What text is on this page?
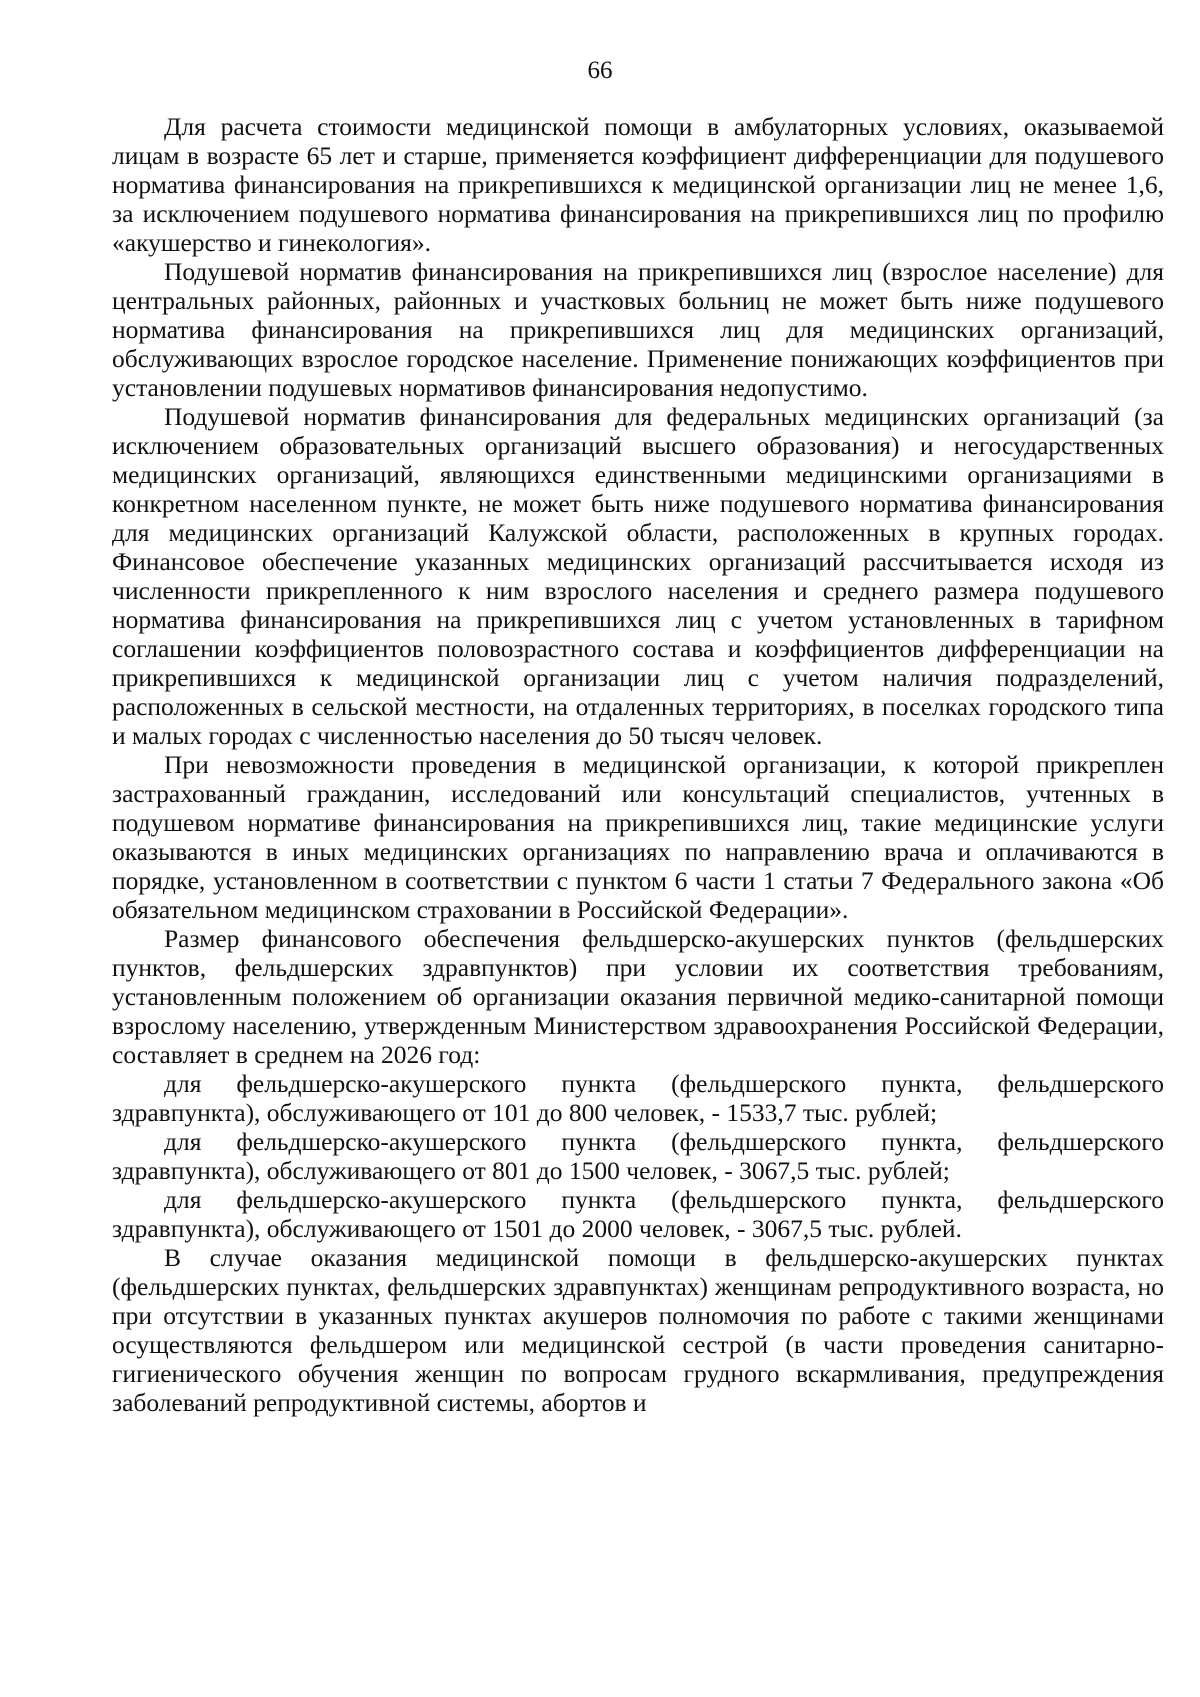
66

Для расчета стоимости медицинской помощи в амбулаторных условиях, оказываемой лицам в возрасте 65 лет и старше, применяется коэффициент дифференциации для подушевого норматива финансирования на прикрепившихся к медицинской организации лиц не менее 1,6, за исключением подушевого норматива финансирования на прикрепившихся лиц по профилю «акушерство и гинекология».

Подушевой норматив финансирования на прикрепившихся лиц (взрослое население) для центральных районных, районных и участковых больниц не может быть ниже подушевого норматива финансирования на прикрепившихся лиц для медицинских организаций, обслуживающих взрослое городское население. Применение понижающих коэффициентов при установлении подушевых нормативов финансирования недопустимо.

Подушевой норматив финансирования для федеральных медицинских организаций (за исключением образовательных организаций высшего образования) и негосударственных медицинских организаций, являющихся единственными медицинскими организациями в конкретном населенном пункте, не может быть ниже подушевого норматива финансирования для медицинских организаций Калужской области, расположенных в крупных городах. Финансовое обеспечение указанных медицинских организаций рассчитывается исходя из численности прикрепленного к ним взрослого населения и среднего размера подушевого норматива финансирования на прикрепившихся лиц с учетом установленных в тарифном соглашении коэффициентов половозрастного состава и коэффициентов дифференциации на прикрепившихся к медицинской организации лиц с учетом наличия подразделений, расположенных в сельской местности, на отдаленных территориях, в поселках городского типа и малых городах с численностью населения до 50 тысяч человек.

При невозможности проведения в медицинской организации, к которой прикреплен застрахованный гражданин, исследований или консультаций специалистов, учтенных в подушевом нормативе финансирования на прикрепившихся лиц, такие медицинские услуги оказываются в иных медицинских организациях по направлению врача и оплачиваются в порядке, установленном в соответствии с пунктом 6 части 1 статьи 7 Федерального закона «Об обязательном медицинском страховании в Российской Федерации».

Размер финансового обеспечения фельдшерско-акушерских пунктов (фельдшерских пунктов, фельдшерских здравпунктов) при условии их соответствия требованиям, установленным положением об организации оказания первичной медико-санитарной помощи взрослому населению, утвержденным Министерством здравоохранения Российской Федерации, составляет в среднем на 2026 год:

для фельдшерско-акушерского пункта (фельдшерского пункта, фельдшерского здравпункта), обслуживающего от 101 до 800 человек, - 1533,7 тыс. рублей;

для фельдшерско-акушерского пункта (фельдшерского пункта, фельдшерского здравпункта), обслуживающего от 801 до 1500 человек, - 3067,5 тыс. рублей;

для фельдшерско-акушерского пункта (фельдшерского пункта, фельдшерского здравпункта), обслуживающего от 1501 до 2000 человек, - 3067,5 тыс. рублей.

В случае оказания медицинской помощи в фельдшерско-акушерских пунктах (фельдшерских пунктах, фельдшерских здравпунктах) женщинам репродуктивного возраста, но при отсутствии в указанных пунктах акушеров полномочия по работе с такими женщинами осуществляются фельдшером или медицинской сестрой (в части проведения санитарно-гигиенического обучения женщин по вопросам грудного вскармливания, предупреждения заболеваний репродуктивной системы, абортов и
